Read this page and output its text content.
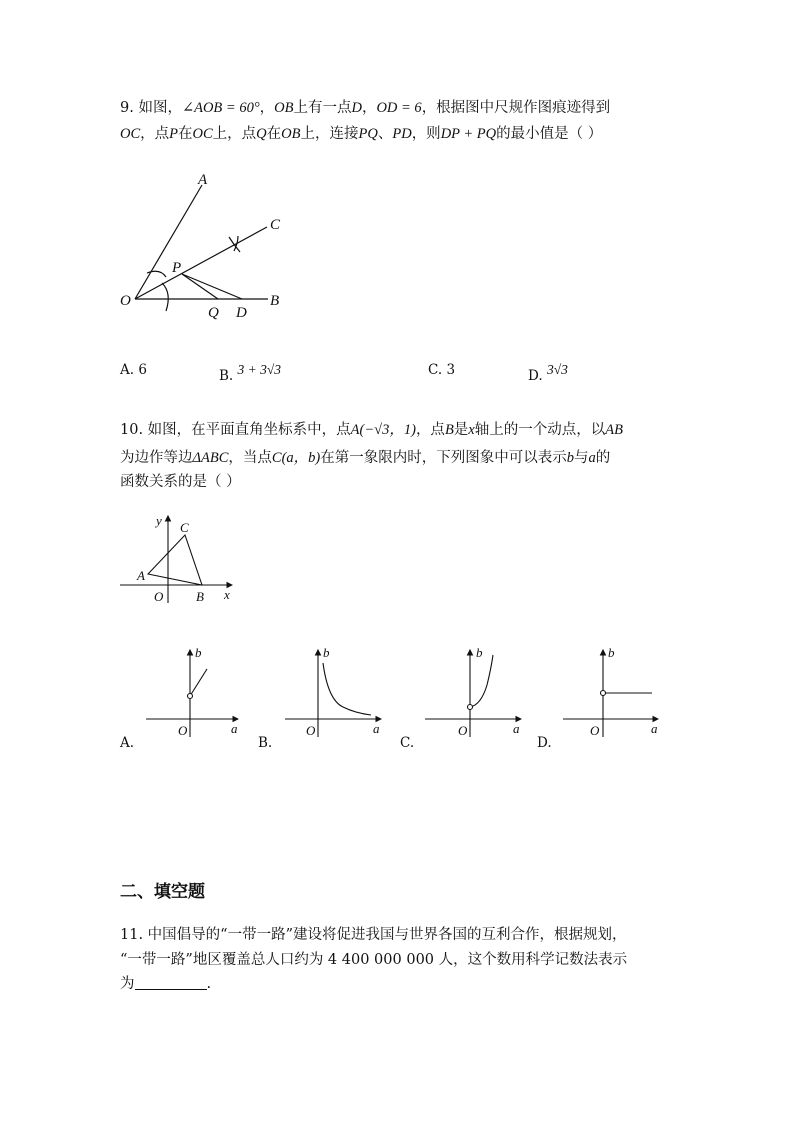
9. 如图，∠AOB = 60°，OB上有一点D，OD = 6，根据图中尺规作图痕迹得到
OC，点P在OC上，点Q在OB上，连接PQ、PD，则DP + PQ的最小值是（ ）
A
C
P
O	B
Q D
A. 6	B. 3 + 3√3	C. 3	D. 3√3
10. 如图，在平面直角坐标系中，点A(−√3，1)，点B是x轴上的一个动点，以AB
为边作等边ΔABC，当点C(a，b)在第一象限内时，下列图象中可以表示b与a的
函数关系的是（ ）
y C
A
O	B x
A.
b
O	a
B.
b
O	a
C.
b
O	a
D.
b
O	a
二、填空题
11. 中国倡导的“一带一路”建设将促进我国与世界各国的互利合作，根据规划，
“一带一路”地区覆盖总人口约为 4 400 000 000 人，这个数用科学记数法表示
为	.
